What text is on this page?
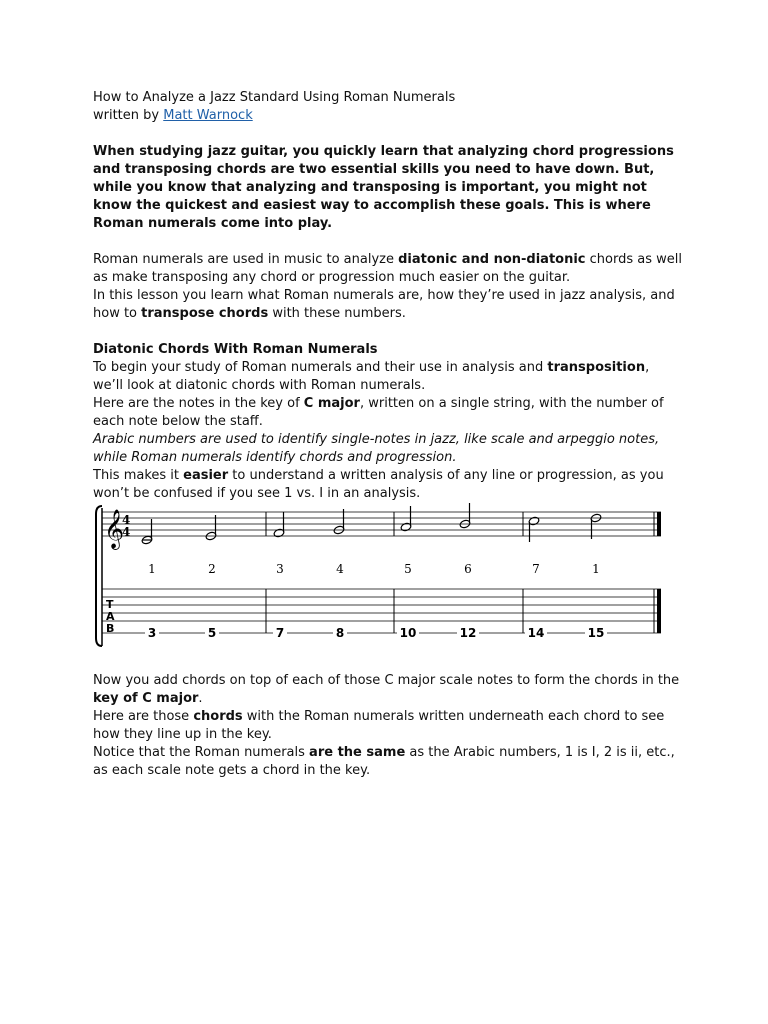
How to Analyze a Jazz Standard Using Roman Numerals

written by Matt Warnock

When studying jazz guitar, you quickly learn that analyzing chord progressions and transposing chords are two essential skills you need to have down. But, while you know that analyzing and transposing is important, you might not know the quickest and easiest way to accomplish these goals. This is where Roman numerals come into play.

Roman numerals are used in music to analyze diatonic and non-diatonic chords as well as make transposing any chord or progression much easier on the guitar.

In this lesson you learn what Roman numerals are, how they’re used in jazz analysis, and how to transpose chords with these numbers.

Diatonic Chords With Roman Numerals

To begin your study of Roman numerals and their use in analysis and transposition, we’ll look at diatonic chords with Roman numerals.

Here are the notes in the key of C major, written on a single string, with the number of each note below the staff.

Arabic numbers are used to identify single-notes in jazz, like scale and arpeggio notes, while Roman numerals identify chords and progression.

This makes it easier to understand a written analysis of any line or progression, as you won’t be confused if you see 1 vs. I in an analysis.

𝄞
4
4
1	2	3	4	5	6	7	1
T
A
B	3	5	7	8	10	12	14	15

Now you add chords on top of each of those C major scale notes to form the chords in the key of C major.

Here are those chords with the Roman numerals written underneath each chord to see how they line up in the key.

Notice that the Roman numerals are the same as the Arabic numbers, 1 is I, 2 is ii, etc., as each scale note gets a chord in the key.
